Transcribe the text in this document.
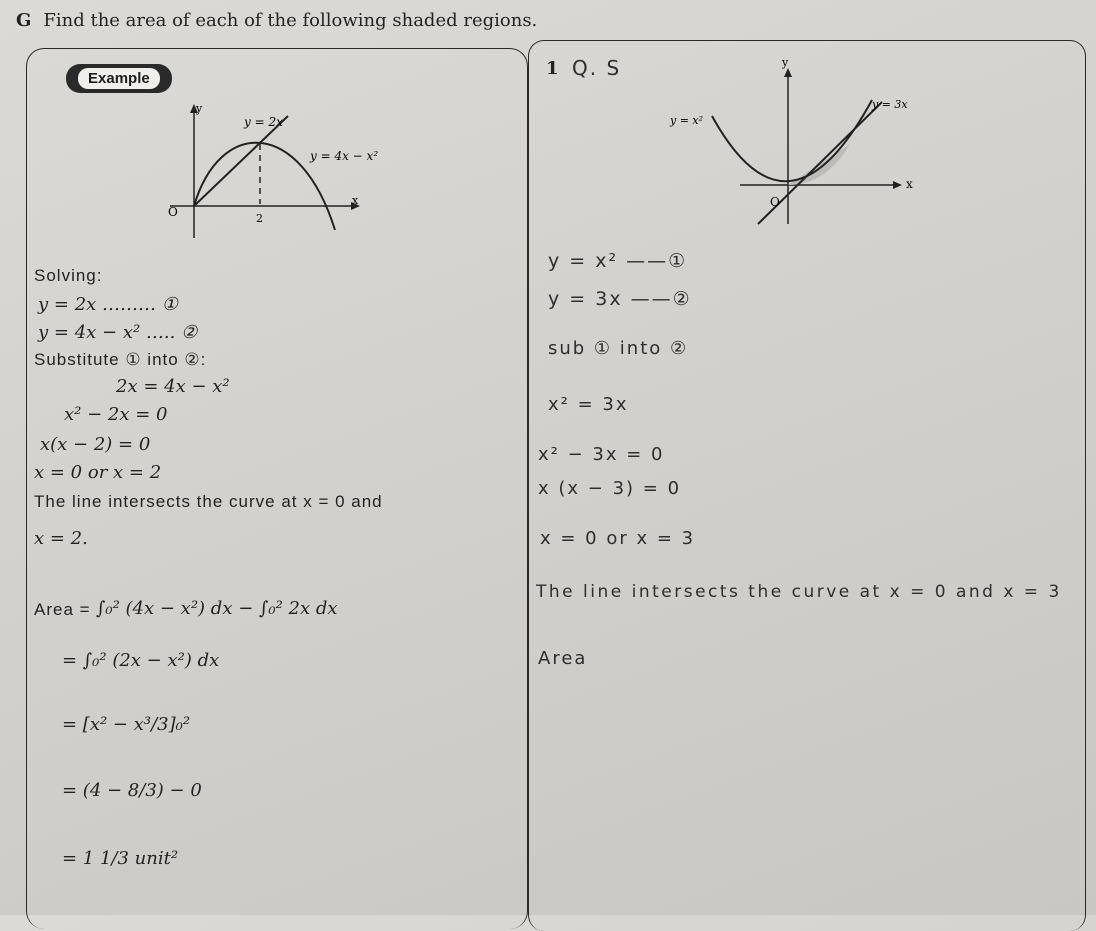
G Find the area of each of the following shaded regions.
Example
y
x
O	2
y = 2x
y = 4x − x²
Solving:
y = 2x ……… ①
y = 4x − x² ….. ②
Substitute ① into ②:
2x = 4x − x²
x² − 2x = 0
x(x − 2) = 0
x = 0 or x = 2
The line intersects the curve at x = 0 and
x = 2.
Area = ∫₀² (4x − x²) dx − ∫₀² 2x dx
= ∫₀² (2x − x²) dx
= [x² − x³/3]₀²
= (4 − 8/3) − 0
= 1 1/3 unit²
1 Q. S	y
x
O
y = x²
y = 3x
y = x² ——①
y = 3x ——②
sub ① into ②
x² = 3x
x² − 3x = 0
x (x − 3) = 0
x = 0 or x = 3
The line intersects the curve at x = 0 and x = 3
Area
